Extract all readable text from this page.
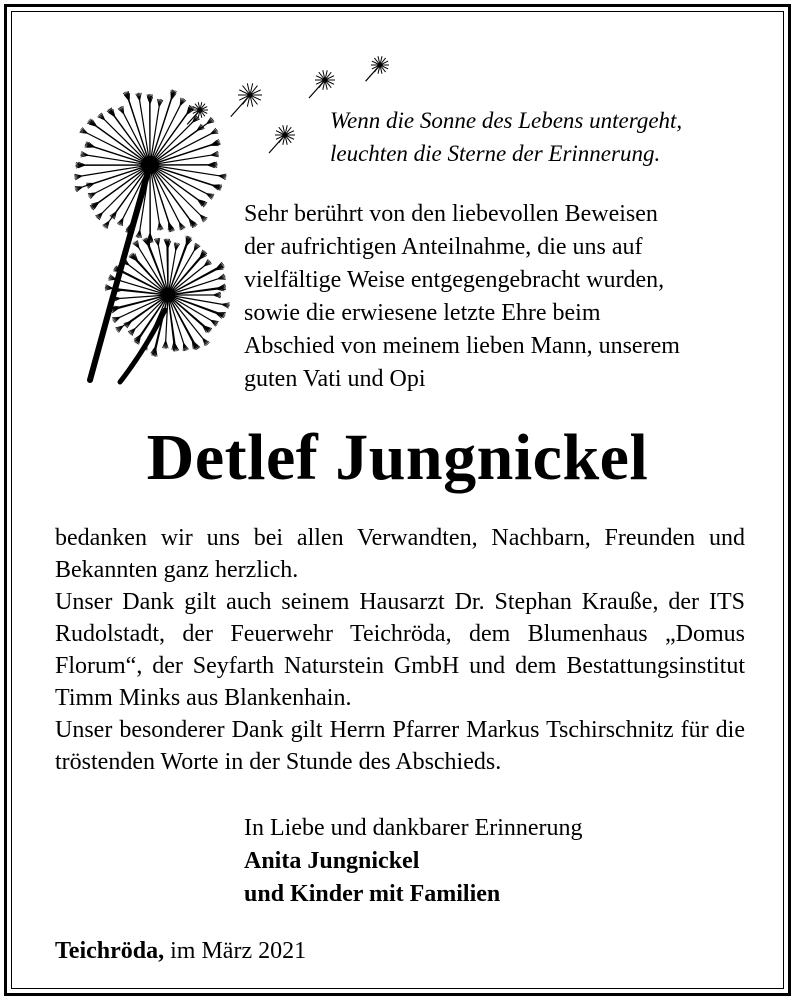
Wenn die Sonne des Lebens untergeht,
leuchten die Sterne der Erinnerung.
Sehr berührt von den liebevollen Beweisen
der aufrichtigen Anteilnahme, die uns auf
vielfältige Weise entgegengebracht wurden,
sowie die erwiesene letzte Ehre beim
Abschied von meinem lieben Mann, unserem
guten Vati und Opi
Detlef Jungnickel

bedanken wir uns bei allen Verwandten, Nachbarn, Freunden und Bekannten ganz herzlich.

Unser Dank gilt auch seinem Hausarzt Dr. Stephan Krauße, der ITS Rudolstadt, der Feuerwehr Teichröda, dem Blumenhaus „Domus Florum“, der Seyfarth Naturstein GmbH und dem Bestattungsinstitut Timm Minks aus Blankenhain.

Unser besonderer Dank gilt Herrn Pfarrer Markus Tschirschnitz für die tröstenden Worte in der Stunde des Abschieds.

In Liebe und dankbarer Erinnerung
Anita Jungnickel
und Kinder mit Familien
Teichröda, im März 2021
